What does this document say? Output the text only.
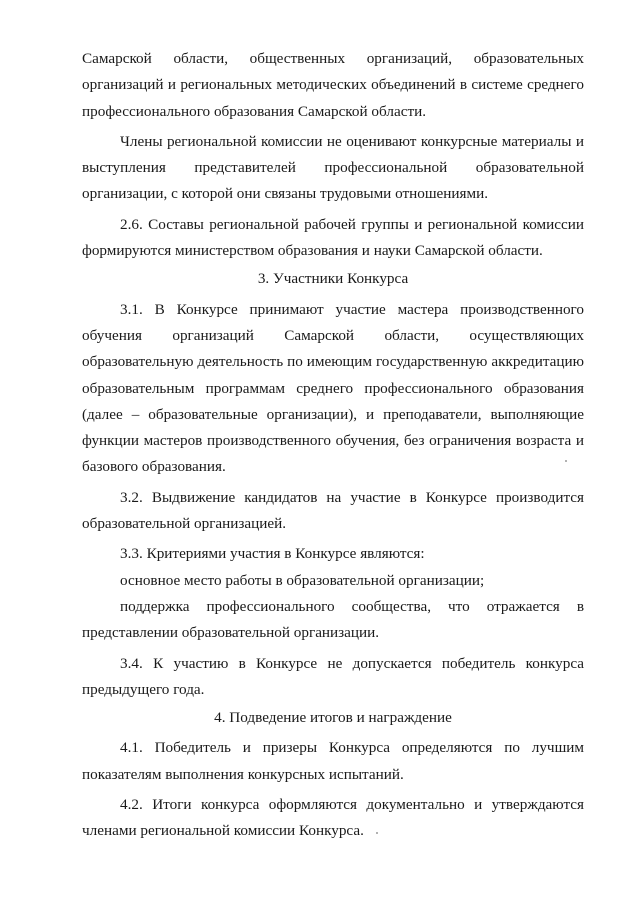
Самарской области, общественных организаций, образовательных организаций и региональных методических объединений в системе среднего профессионального образования Самарской области.

Члены региональной комиссии не оценивают конкурсные материалы и выступления представителей профессиональной образовательной организации, с которой они связаны трудовыми отношениями.

2.6. Составы региональной рабочей группы и региональной комиссии формируются министерством образования и науки Самарской области.

3. Участники Конкурса

3.1. В Конкурсе принимают участие мастера производственного обучения организаций Самарской области, осуществляющих образовательную деятельность по имеющим государственную аккредитацию образовательным программам среднего профессионального образования (далее – образовательные организации), и преподаватели, выполняющие функции мастеров производственного обучения, без ограничения возраста и базового образования.

3.2. Выдвижение кандидатов на участие в Конкурсе производится образовательной организацией.

3.3. Критериями участия в Конкурсе являются:

основное место работы в образовательной организации;

поддержка профессионального сообщества, что отражается в представлении образовательной организации.

3.4. К участию в Конкурсе не допускается победитель конкурса предыдущего года.

4. Подведение итогов и награждение

4.1. Победитель и призеры Конкурса определяются по лучшим показателям выполнения конкурсных испытаний.

4.2. Итоги конкурса оформляются документально и утверждаются членами региональной комиссии Конкурса.
